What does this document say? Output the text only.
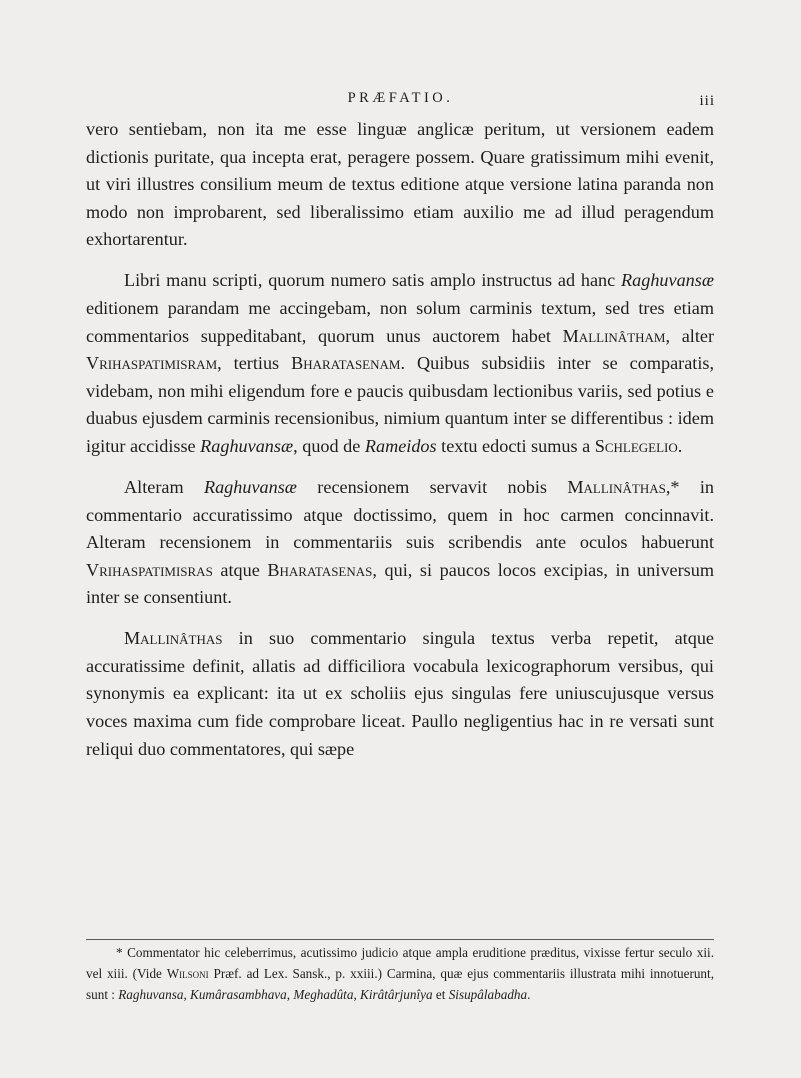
PRÆFATIO.	iii

vero sentiebam, non ita me esse linguæ anglicæ peritum, ut versionem eadem dictionis puritate, qua incepta erat, peragere possem. Quare gratissimum mihi evenit, ut viri illustres consilium meum de textus editione atque versione latina paranda non modo non improbarent, sed liberalissimo etiam auxilio me ad illud peragendum exhortarentur.

Libri manu scripti, quorum numero satis amplo instructus ad hanc Raghuvansæ editionem parandam me accingebam, non solum carminis textum, sed tres etiam commentarios suppeditabant, quorum unus auctorem habet Mallinâtham, alter Vrihaspatimisram, tertius Bharatasenam. Quibus subsidiis inter se comparatis, videbam, non mihi eligendum fore e paucis quibusdam lectionibus variis, sed potius e duabus ejusdem carminis recensionibus, nimium quantum inter se differentibus : idem igitur accidisse Raghuvansæ, quod de Rameidos textu edocti sumus a Schlegelio.

Alteram Raghuvansæ recensionem servavit nobis Mallinâthas,* in commentario accuratissimo atque doctissimo, quem in hoc carmen concinnavit. Alteram recensionem in commentariis suis scribendis ante oculos habuerunt Vrihaspatimisras atque Bharatasenas, qui, si paucos locos excipias, in universum inter se consentiunt.

Mallinâthas in suo commentario singula textus verba repetit, atque accuratissime definit, allatis ad difficiliora vocabula lexicographorum versibus, qui synonymis ea explicant: ita ut ex scholiis ejus singulas fere uniuscujusque versus voces maxima cum fide comprobare liceat. Paullo negligentius hac in re versati sunt reliqui duo commentatores, qui sæpe

* Commentator hic celeberrimus, acutissimo judicio atque ampla eruditione præditus, vixisse fertur seculo xii. vel xiii. (Vide Wilsoni Præf. ad Lex. Sansk., p. xxiii.) Carmina, quæ ejus commentariis illustrata mihi innotuerunt, sunt : Raghuvansa, Kumârasambhava, Meghadûta, Kirâtârjunîya et Sisupâlabadha.
